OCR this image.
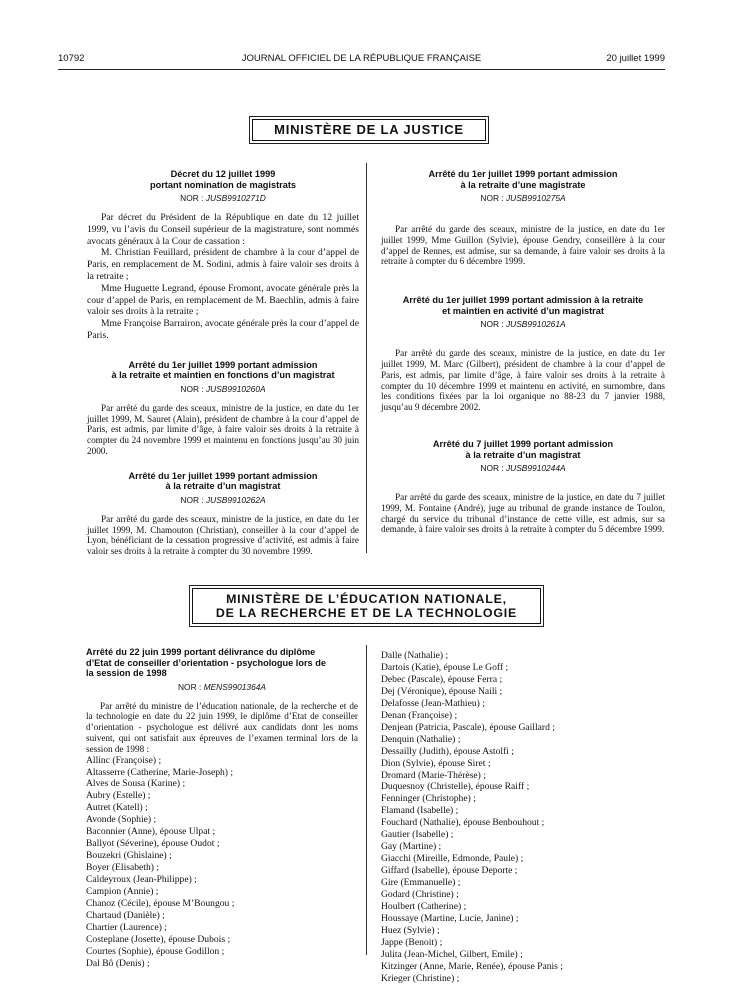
10792	JOURNAL OFFICIEL DE LA RÉPUBLIQUE FRANÇAISE	20 juillet 1999
MINISTÈRE DE LA JUSTICE
Décret du 12 juillet 1999
portant nomination de magistrats
NOR : JUSB9910271D

Par décret du Président de la République en date du 12 juillet 1999, vu l’avis du Conseil supérieur de la magistrature, sont nommés avocats généraux à la Cour de cassation :

M. Christian Feuillard, président de chambre à la cour d’appel de Paris, en remplacement de M. Sodini, admis à faire valoir ses droits à la retraite ;

Mme Huguette Legrand, épouse Fromont, avocate générale près la cour d’appel de Paris, en remplacement de M. Baechlin, admis à faire valoir ses droits à la retraite ;

Mme Françoise Barrairon, avocate générale près la cour d’appel de Paris.

Arrêté du 1er juillet 1999 portant admission
à la retraite et maintien en fonctions d’un magistrat
NOR : JUSB9910260A

Par arrêté du garde des sceaux, ministre de la justice, en date du 1er juillet 1999, M. Sauret (Alain), président de chambre à la cour d’appel de Paris, est admis, par limite d’âge, à faire valoir ses droits à la retraite à compter du 24 novembre 1999 et maintenu en fonctions jusqu’au 30 juin 2000.

Arrêté du 1er juillet 1999 portant admission
à la retraite d’un magistrat
NOR : JUSB9910262A

Par arrêté du garde des sceaux, ministre de la justice, en date du 1er juillet 1999, M. Chamouton (Christian), conseiller à la cour d’appel de Lyon, bénéficiant de la cessation progressive d’activité, est admis à faire valoir ses droits à la retraite à compter du 30 novembre 1999.

Arrêté du 1er juillet 1999 portant admission
à la retraite d’une magistrate
NOR : JUSB9910275A

Par arrêté du garde des sceaux, ministre de la justice, en date du 1er juillet 1999, Mme Guillon (Sylvie), épouse Gendry, conseillère à la cour d’appel de Rennes, est admise, sur sa demande, à faire valoir ses droits à la retraite à compter du 6 décembre 1999.

Arrêté du 1er juillet 1999 portant admission à la retraite
et maintien en activité d’un magistrat
NOR : JUSB9910261A

Par arrêté du garde des sceaux, ministre de la justice, en date du 1er juillet 1999, M. Marc (Gilbert), président de chambre à la cour d’appel de Paris, est admis, par limite d’âge, à faire valoir ses droits à la retraite à compter du 10 décembre 1999 et maintenu en activité, en surnombre, dans les conditions fixées par la loi organique no 88-23 du 7 janvier 1988, jusqu’au 9 décembre 2002.

Arrêté du 7 juillet 1999 portant admission
à la retraite d’un magistrat
NOR : JUSB9910244A

Par arrêté du garde des sceaux, ministre de la justice, en date du 7 juillet 1999, M. Fontaine (André), juge au tribunal de grande instance de Toulon, chargé du service du tribunal d’instance de cette ville, est admis, sur sa demande, à faire valoir ses droits à la retraite à compter du 5 décembre 1999.

MINISTÈRE DE L’ÉDUCATION NATIONALE,
DE LA RECHERCHE ET DE LA TECHNOLOGIE
Arrêté du 22 juin 1999 portant délivrance du diplôme
d’Etat de conseiller d’orientation - psychologue lors de
la session de 1998
NOR : MENS9901364A

Par arrêté du ministre de l’éducation nationale, de la recherche et de la technologie en date du 22 juin 1999, le diplôme d’Etat de conseiller d’orientation - psychologue est délivré aux candidats dont les noms suivent, qui ont satisfait aux épreuves de l’examen terminal lors de la session de 1998 :

Allinc (Françoise) ;
Altasserre (Catherine, Marie-Joseph) ;
Alves de Sousa (Karine) ;
Aubry (Estelle) ;
Autret (Katell) ;
Avonde (Sophie) ;
Baconnier (Anne), épouse Ulpat ;
Ballyot (Séverine), épouse Oudot ;
Bouzekri (Ghislaine) ;
Boyer (Elisabeth) ;
Caldeyroux (Jean-Philippe) ;
Campion (Annie) ;
Chanoz (Cécile), épouse M’Boungou ;
Chartaud (Danièle) ;
Chartier (Laurence) ;
Costeplane (Josette), épouse Dubois ;
Courtes (Sophie), épouse Godillon ;
Dal Bô (Denis) ;
Dalle (Nathalie) ;
Dartois (Katie), épouse Le Goff ;
Debec (Pascale), épouse Ferra ;
Dej (Véronique), épouse Naili ;
Delafosse (Jean-Mathieu) ;
Denan (Françoise) ;
Denjean (Patricia, Pascale), épouse Gaillard ;
Denquin (Nathalie) ;
Dessailly (Judith), épouse Astolfi ;
Dion (Sylvie), épouse Siret ;
Dromard (Marie-Thérèse) ;
Duquesnoy (Christelle), épouse Raiff ;
Fenninger (Christophe) ;
Flamand (Isabelle) ;
Fouchard (Nathalie), épouse Benbouhout ;
Gautier (Isabelle) ;
Gay (Martine) ;
Giacchi (Mireille, Edmonde, Paule) ;
Giffard (Isabelle), épouse Deporte ;
Gire (Emmanuelle) ;
Godard (Christine) ;
Houlbert (Catherine) ;
Houssaye (Martine, Lucie, Janine) ;
Huez (Sylvie) ;
Jappe (Benoit) ;
Julita (Jean-Michel, Gilbert, Emile) ;
Kitzinger (Anne, Marie, Renée), épouse Panis ;
Krieger (Christine) ;
